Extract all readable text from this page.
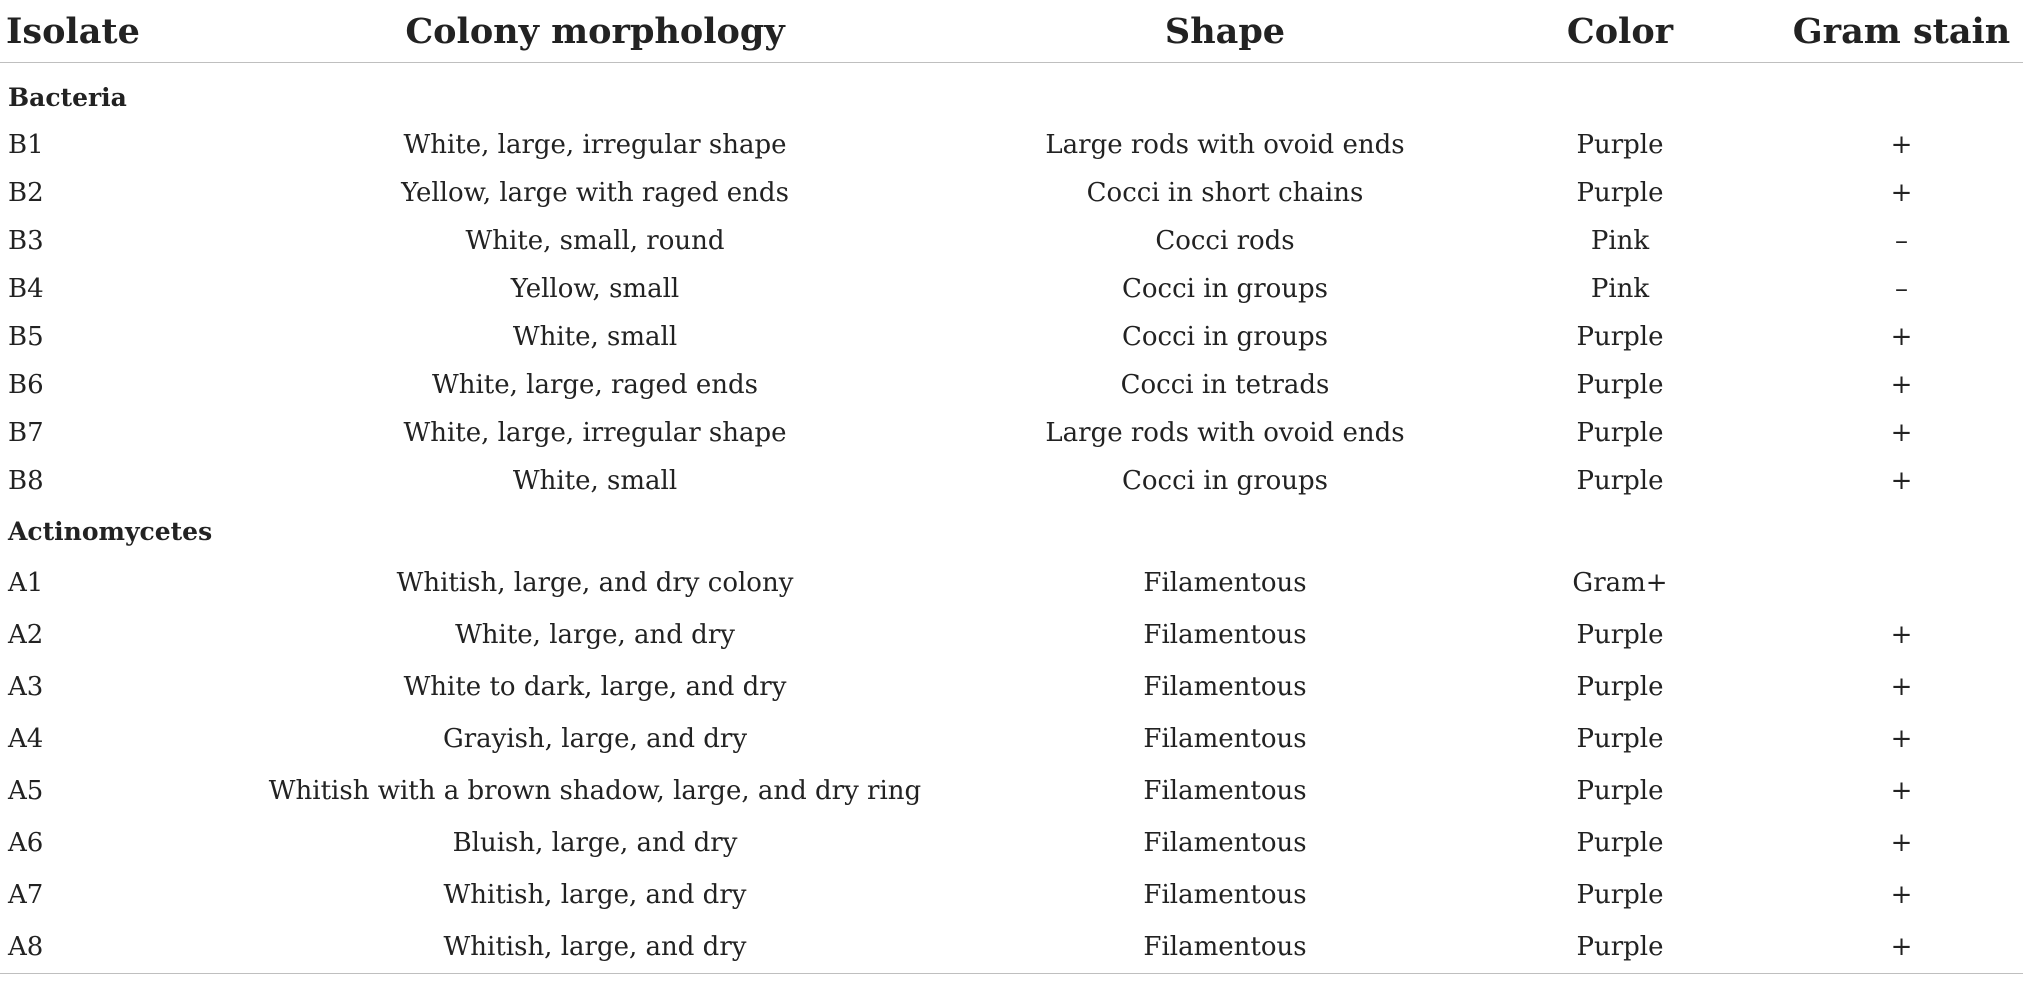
Isolate	Colony morphology	Shape	Color	Gram stain

Bacteria				
B1	White, large, irregular shape	Large rods with ovoid ends	Purple	+
B2	Yellow, large with raged ends	Cocci in short chains	Purple	+
B3	White, small, round	Cocci rods	Pink	–
B4	Yellow, small	Cocci in groups	Pink	–
B5	White, small	Cocci in groups	Purple	+
B6	White, large, raged ends	Cocci in tetrads	Purple	+
B7	White, large, irregular shape	Large rods with ovoid ends	Purple	+
B8	White, small	Cocci in groups	Purple	+
Actinomycetes				
A1	Whitish, large, and dry colony	Filamentous	Gram+	
A2	White, large, and dry	Filamentous	Purple	+
A3	White to dark, large, and dry	Filamentous	Purple	+
A4	Grayish, large, and dry	Filamentous	Purple	+
A5	Whitish with a brown shadow, large, and dry ring	Filamentous	Purple	+
A6	Bluish, large, and dry	Filamentous	Purple	+
A7	Whitish, large, and dry	Filamentous	Purple	+
A8	Whitish, large, and dry	Filamentous	Purple	+
